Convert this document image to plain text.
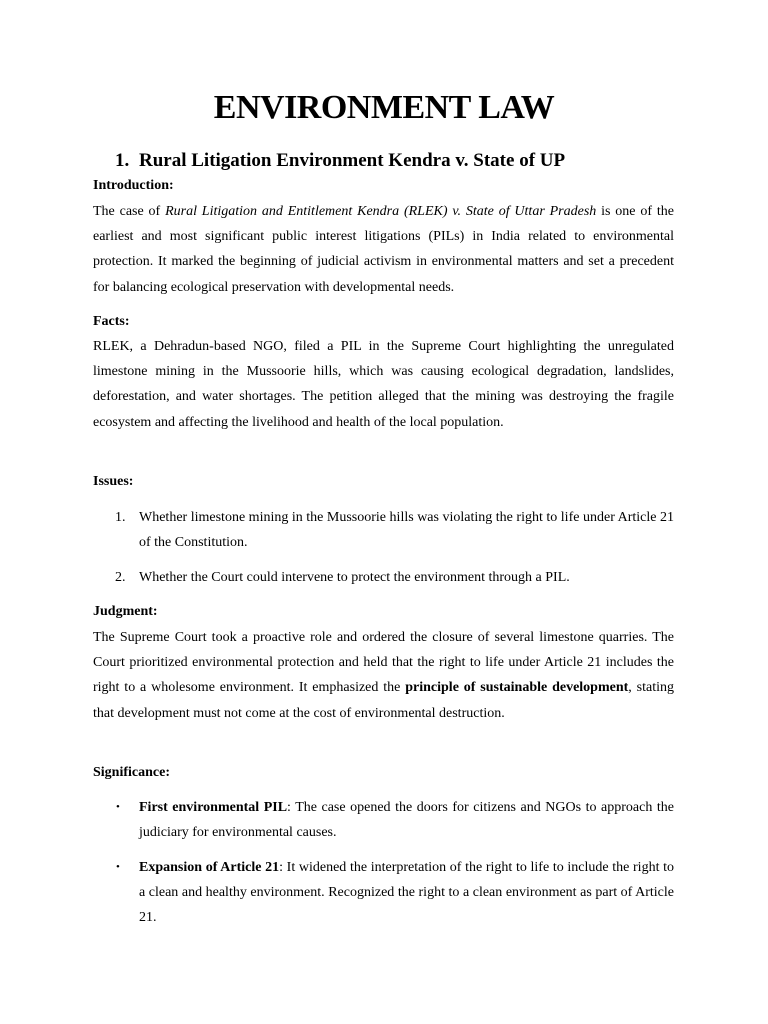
ENVIRONMENT LAW
1. Rural Litigation Environment Kendra v. State of UP

Introduction:

The case of Rural Litigation and Entitlement Kendra (RLEK) v. State of Uttar Pradesh is one of the earliest and most significant public interest litigations (PILs) in India related to environmental protection. It marked the beginning of judicial activism in environmental matters and set a precedent for balancing ecological preservation with developmental needs.

Facts:

RLEK, a Dehradun-based NGO, filed a PIL in the Supreme Court highlighting the unregulated limestone mining in the Mussoorie hills, which was causing ecological degradation, landslides, deforestation, and water shortages. The petition alleged that the mining was destroying the fragile ecosystem and affecting the livelihood and health of the local population.

Issues:

1. Whether limestone mining in the Mussoorie hills was violating the right to life under Article 21 of the Constitution.

2. Whether the Court could intervene to protect the environment through a PIL.

Judgment:

The Supreme Court took a proactive role and ordered the closure of several limestone quarries. The Court prioritized environmental protection and held that the right to life under Article 21 includes the right to a wholesome environment. It emphasized the principle of sustainable development, stating that development must not come at the cost of environmental destruction.

Significance:

• First environmental PIL: The case opened the doors for citizens and NGOs to approach the judiciary for environmental causes.

• Expansion of Article 21: It widened the interpretation of the right to life to include the right to a clean and healthy environment. Recognized the right to a clean environment as part of Article 21.
